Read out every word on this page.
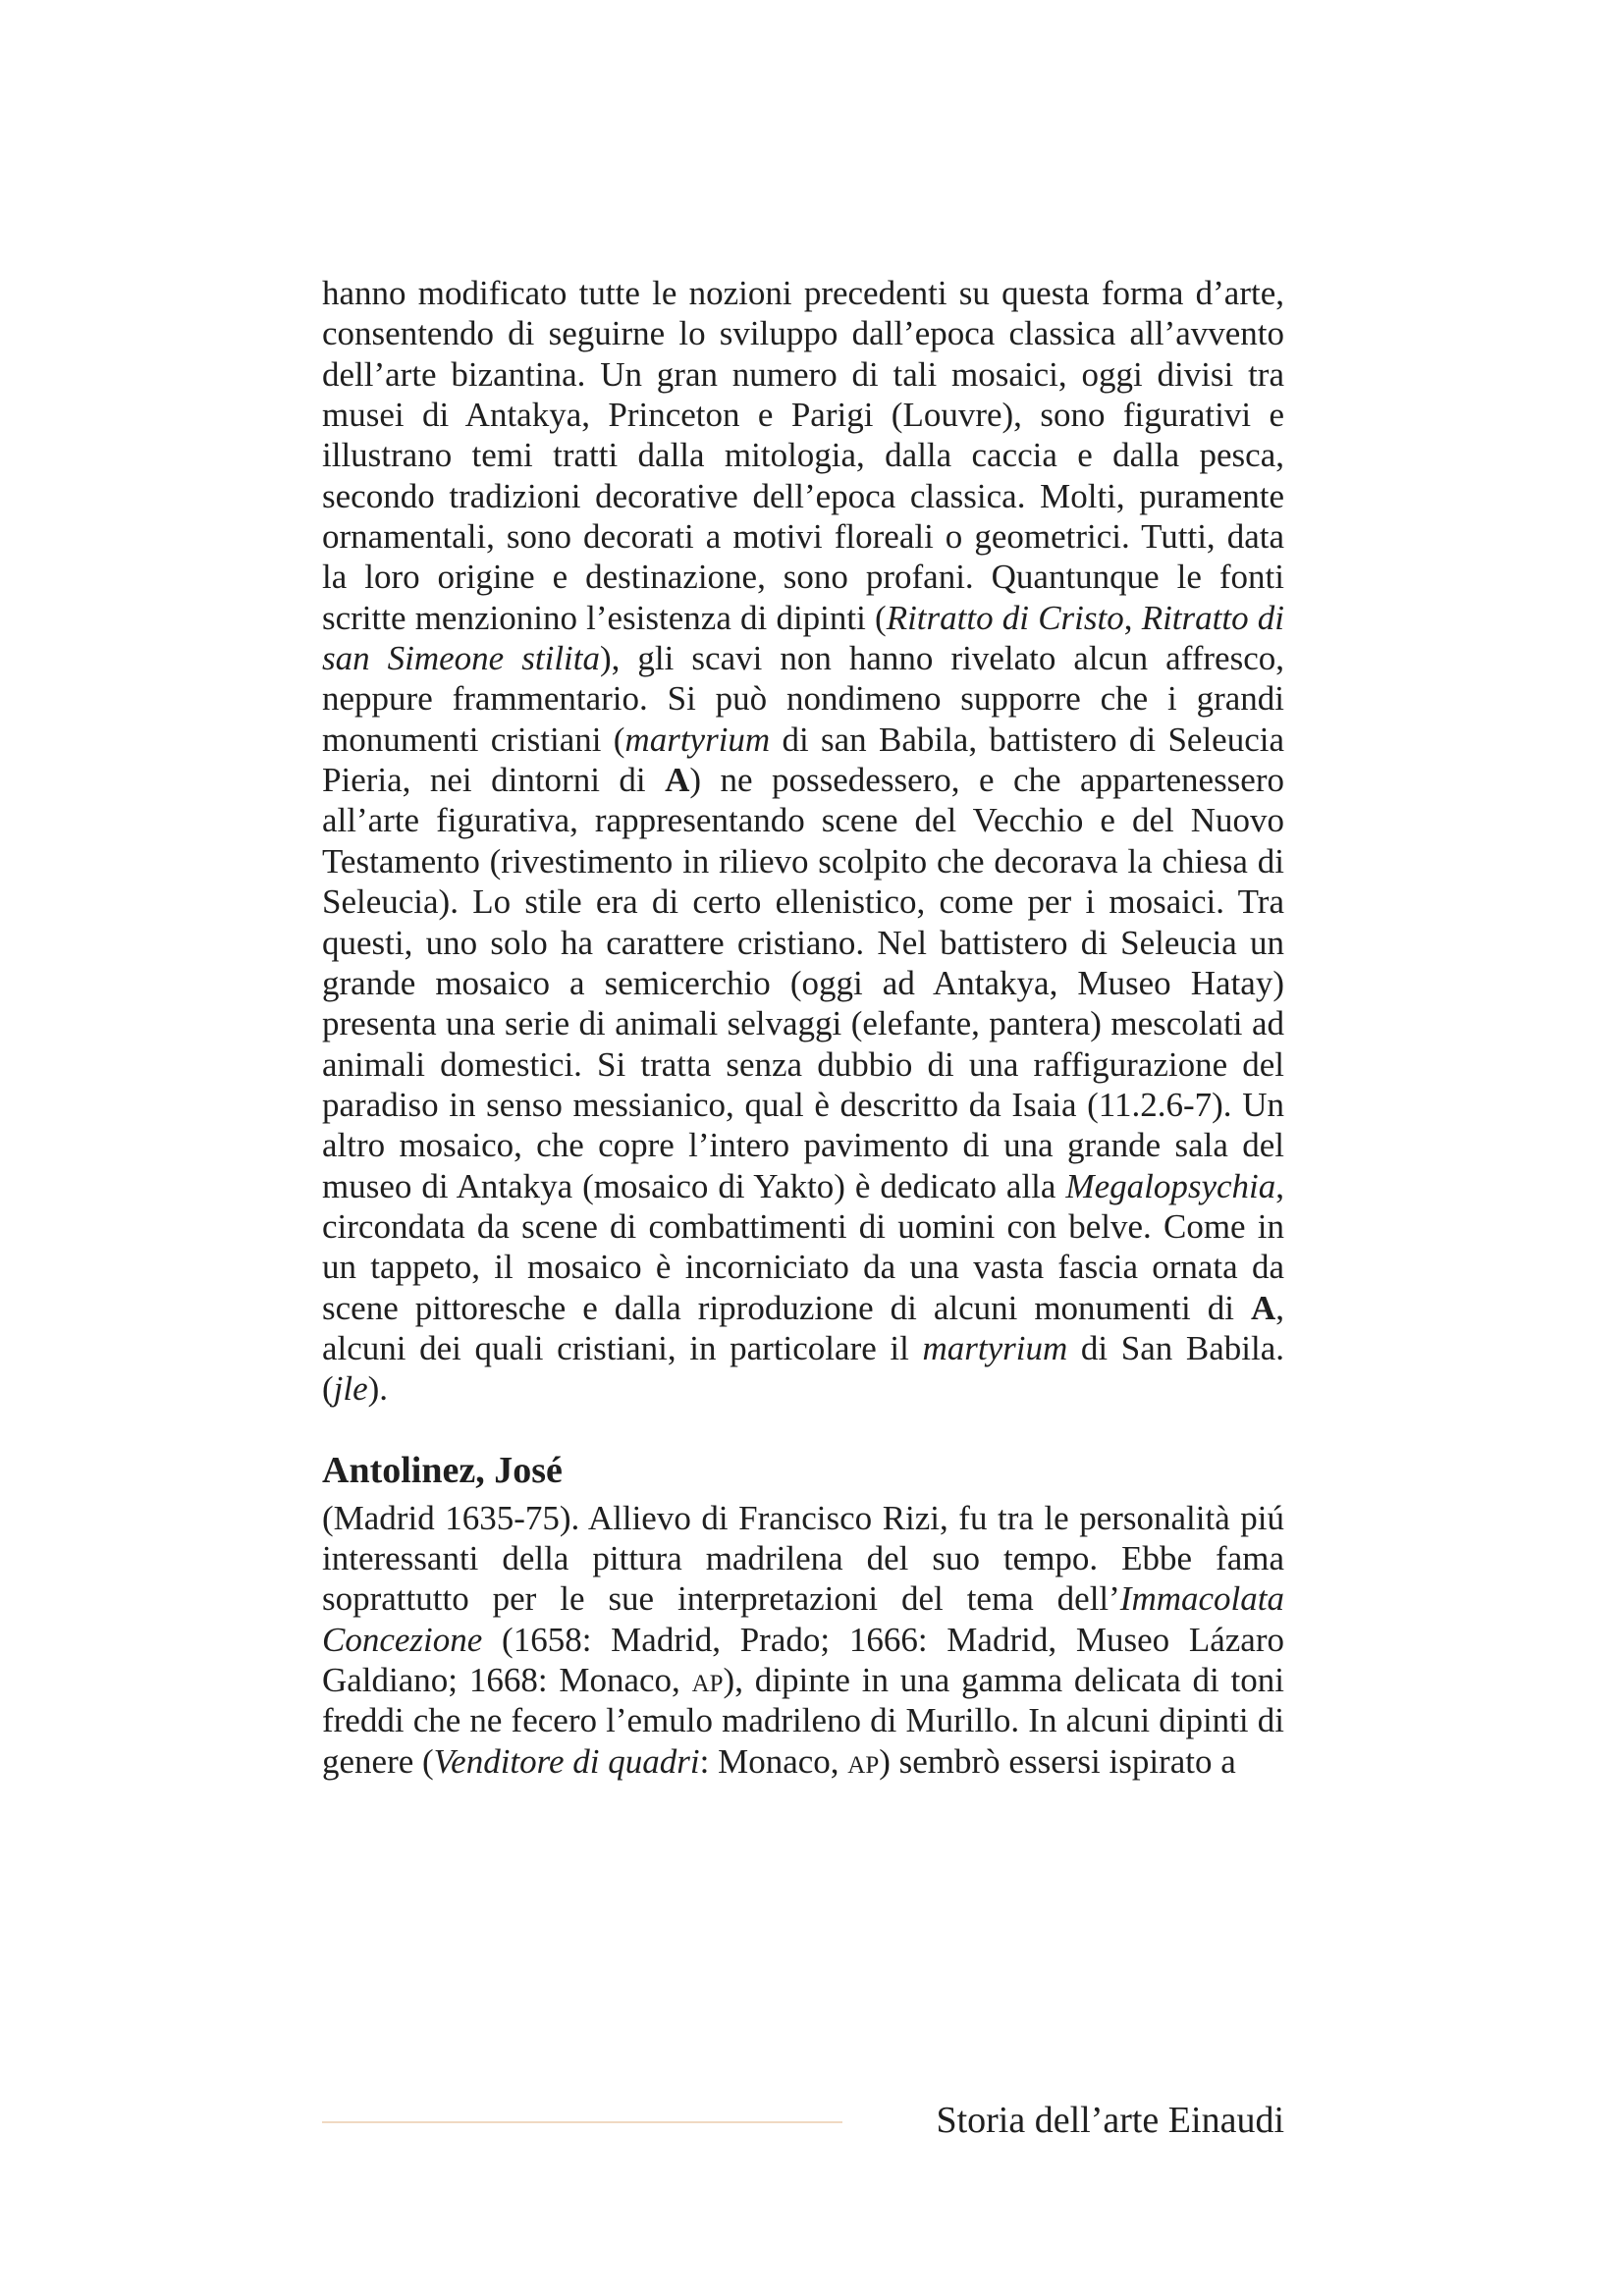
hanno modificato tutte le nozioni precedenti su questa forma d’arte, consentendo di seguirne lo sviluppo dall’epoca classica all’avvento dell’arte bizantina. Un gran numero di tali mosaici, oggi divisi tra musei di Antakya, Princeton e Parigi (Louvre), sono figurativi e illustrano temi tratti dalla mitologia, dalla caccia e dalla pesca, secondo tradizioni decorative dell’epoca classica. Molti, puramente ornamentali, sono decorati a motivi floreali o geometrici. Tutti, data la loro origine e destinazione, sono profani. Quantunque le fonti scritte menzionino l’esistenza di dipinti (Ritratto di Cristo, Ritratto di san Simeone stilita), gli scavi non hanno rivelato alcun affresco, neppure frammentario. Si può nondimeno supporre che i grandi monumenti cristiani (martyrium di san Babila, battistero di Seleucia Pieria, nei dintorni di A) ne possedessero, e che appartenessero all’arte figurativa, rappresentando scene del Vecchio e del Nuovo Testamento (rivestimento in rilievo scolpito che decorava la chiesa di Seleucia). Lo stile era di certo ellenistico, come per i mosaici. Tra questi, uno solo ha carattere cristiano. Nel battistero di Seleucia un grande mosaico a semicerchio (oggi ad Antakya, Museo Hatay) presenta una serie di animali selvaggi (elefante, pantera) mescolati ad animali domestici. Si tratta senza dubbio di una raffigurazione del paradiso in senso messianico, qual è descritto da Isaia (11.2.6-7). Un altro mosaico, che copre l’intero pavimento di una grande sala del museo di Antakya (mosaico di Yakto) è dedicato alla Megalopsychia, circondata da scene di combattimenti di uomini con belve. Come in un tappeto, il mosaico è incorniciato da una vasta fascia ornata da scene pittoresche e dalla riproduzione di alcuni monumenti di A, alcuni dei quali cristiani, in particolare il martyrium di San Babila. (jle).

Antolinez, José

(Madrid 1635-75). Allievo di Francisco Rizi, fu tra le personalità piú interessanti della pittura madrilena del suo tempo. Ebbe fama soprattutto per le sue interpretazioni del tema dell’Immacolata Concezione (1658: Madrid, Prado; 1666: Madrid, Museo Lázaro Galdiano; 1668: Monaco, ap), dipinte in una gamma delicata di toni freddi che ne fecero l’emulo madrileno di Murillo. In alcuni dipinti di genere (Venditore di quadri: Monaco, ap) sembrò essersi ispirato a

Storia dell’arte Einaudi
